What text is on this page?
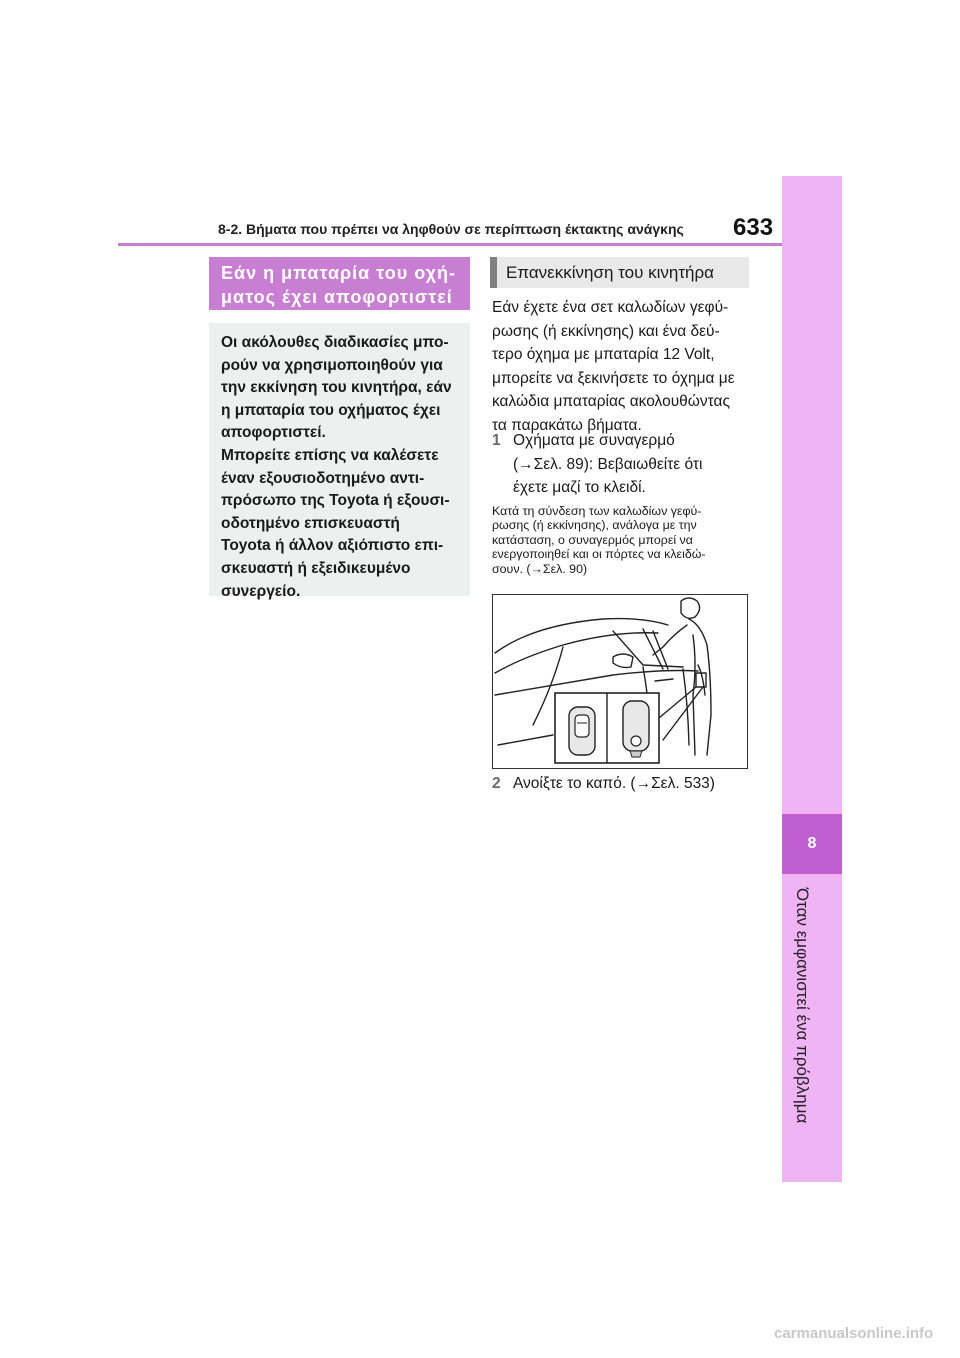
8-2. Βήματα που πρέπει να ληφθούν σε περίπτωση έκτακτης ανάγκης 633
8
Όταν εμφανιστεί ένα πρόβλημα
Εάν η μπαταρία του οχή-
ματος έχει αποφορτιστεί

Οι ακόλουθες διαδικασίες μπο-

ρούν να χρησιμοποιηθούν για

την εκκίνηση του κινητήρα, εάν

η μπαταρία του οχήματος έχει

αποφορτιστεί.

Μπορείτε επίσης να καλέσετε

έναν εξουσιοδοτημένο αντι-

πρόσωπο της Toyota ή εξουσι-

οδοτημένο επισκευαστή

Toyota ή άλλον αξιόπιστο επι-

σκευαστή ή εξειδικευμένο

συνεργείο.

Επανεκκίνηση του κινητήρα
Εάν έχετε ένα σετ καλωδίων γεφύ-
ρωσης (ή εκκίνησης) και ένα δεύ-
τερο όχημα με μπαταρία 12 Volt,
μπορείτε να ξεκινήσετε το όχημα με
καλώδια μπαταρίας ακολουθώντας
τα παρακάτω βήματα.
1 Οχήματα με συναγερμό
(→Σελ. 89): Βεβαιωθείτε ότι
έχετε μαζί το κλειδί.
Κατά τη σύνδεση των καλωδίων γεφύ-
ρωσης (ή εκκίνησης), ανάλογα με την
κατάσταση, ο συναγερμός μπορεί να
ενεργοποιηθεί και οι πόρτες να κλειδώ-
σουν. (→Σελ. 90)
2 Ανοίξτε το καπό. (→Σελ. 533)
carmanualsonline.info
